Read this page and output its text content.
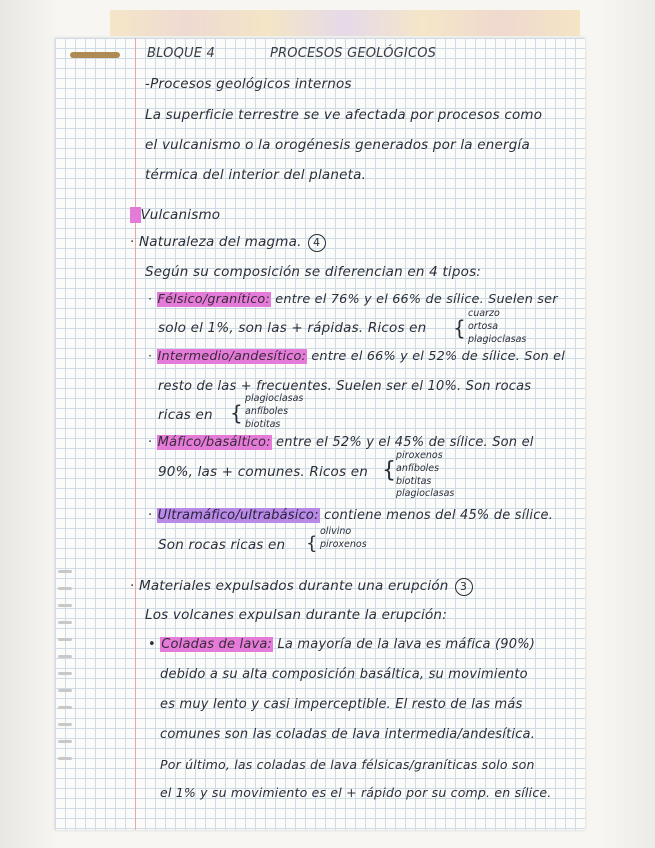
BLOQUE 4	PROCESOS GEOLÓGICOS

-Procesos geológicos internos

La superficie terrestre se ve afectada por procesos como

el vulcanismo o la orogénesis generados por la energía

térmica del interior del planeta.

Vulcanismo

· Naturaleza del magma. 4

Según su composición se diferencian en 4 tipos:

· Félsico/granítico: entre el 76% y el 66% de sílice. Suelen ser

solo el 1%, son las + rápidas. Ricos en {
cuarzo
ortosa
plagioclasas

· Intermedio/andesítico: entre el 66% y el 52% de sílice. Son el

resto de las + frecuentes. Suelen ser el 10%. Son rocas

ricas en {
plagioclasas
anfíboles
biotitas

· Máfico/basáltico: entre el 52% y el 45% de sílice. Son el

90%, las + comunes. Ricos en {
piroxenos
anfíboles
biotitas
plagioclasas

· Ultramáfico/ultrabásico: contiene menos del 45% de sílice.

Son rocas ricas en {
olivino
piroxenos

· Materiales expulsados durante una erupción 3

Los volcanes expulsan durante la erupción:

• Coladas de lava: La mayoría de la lava es máfica (90%)

debido a su alta composición basáltica, su movimiento

es muy lento y casi imperceptible. El resto de las más

comunes son las coladas de lava intermedia/andesítica.

Por último, las coladas de lava félsicas/graníticas solo son

el 1% y su movimiento es el + rápido por su comp. en sílice.
